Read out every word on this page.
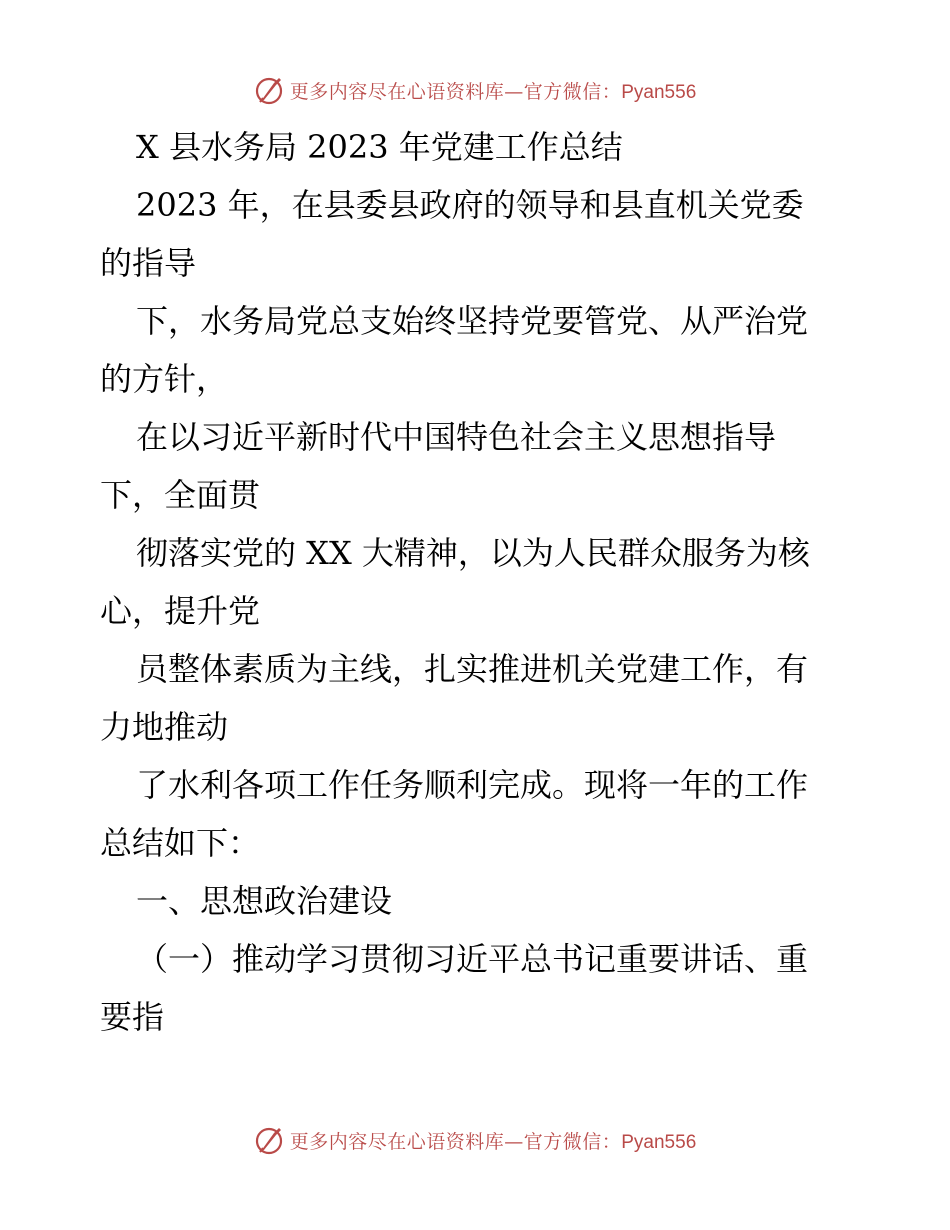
更多内容尽在心语资料库—官方微信：Pyan556

X 县水务局 2023 年党建工作总结

2023 年，在县委县政府的领导和县直机关党委

的指导

下，水务局党总支始终坚持党要管党、从严治党

的方针，

在以习近平新时代中国特色社会主义思想指导

下，全面贯

彻落实党的 XX 大精神，以为人民群众服务为核

心，提升党

员整体素质为主线，扎实推进机关党建工作，有

力地推动

了水利各项工作任务顺利完成。现将一年的工作

总结如下：

一、思想政治建设

（一）推动学习贯彻习近平总书记重要讲话、重

要指

更多内容尽在心语资料库—官方微信：Pyan556
